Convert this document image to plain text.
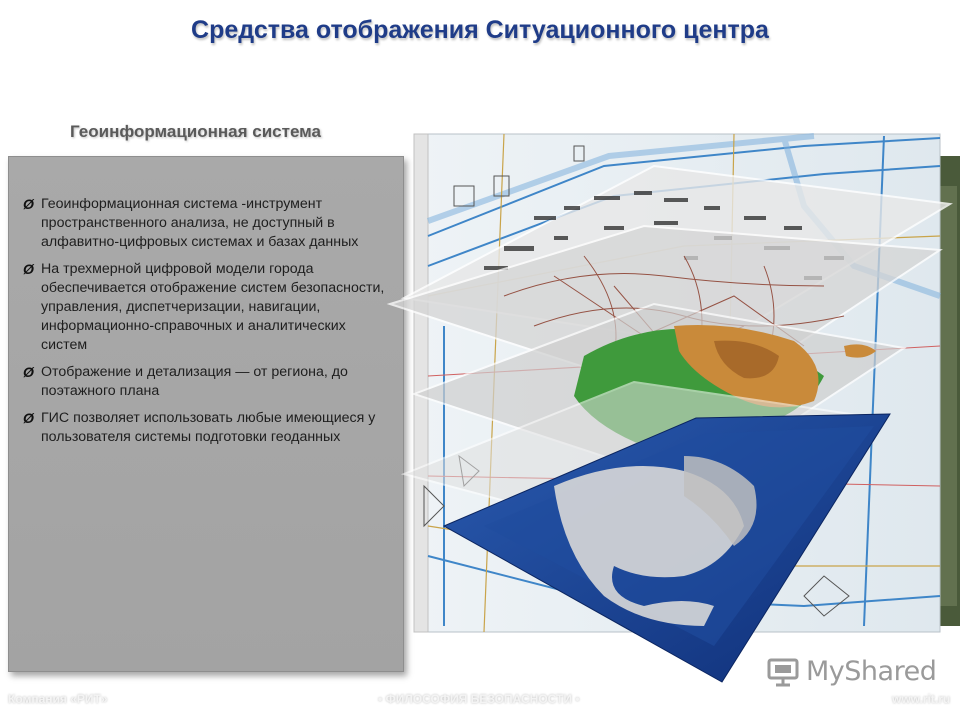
Средства отображения Ситуационного центра
Геоинформационная система
Ø Геоинформационная система -инструмент пространственного анализа, не доступный в алфавитно-цифровых системах и базах данных
Ø На трехмерной цифровой модели города обеспечивается отображение систем безопасности, управления, диспетчеризации, навигации, информационно-справочных и аналитических систем
Ø Отображение и детализация — от региона, до поэтажного плана
Ø ГИС позволяет использовать любые имеющиеся у пользователя системы подготовки геоданных
Компания «РИТ»	• ФИЛОСОФИЯ БЕЗОПАСНОСТИ •	www.rit.ru
MyShared
